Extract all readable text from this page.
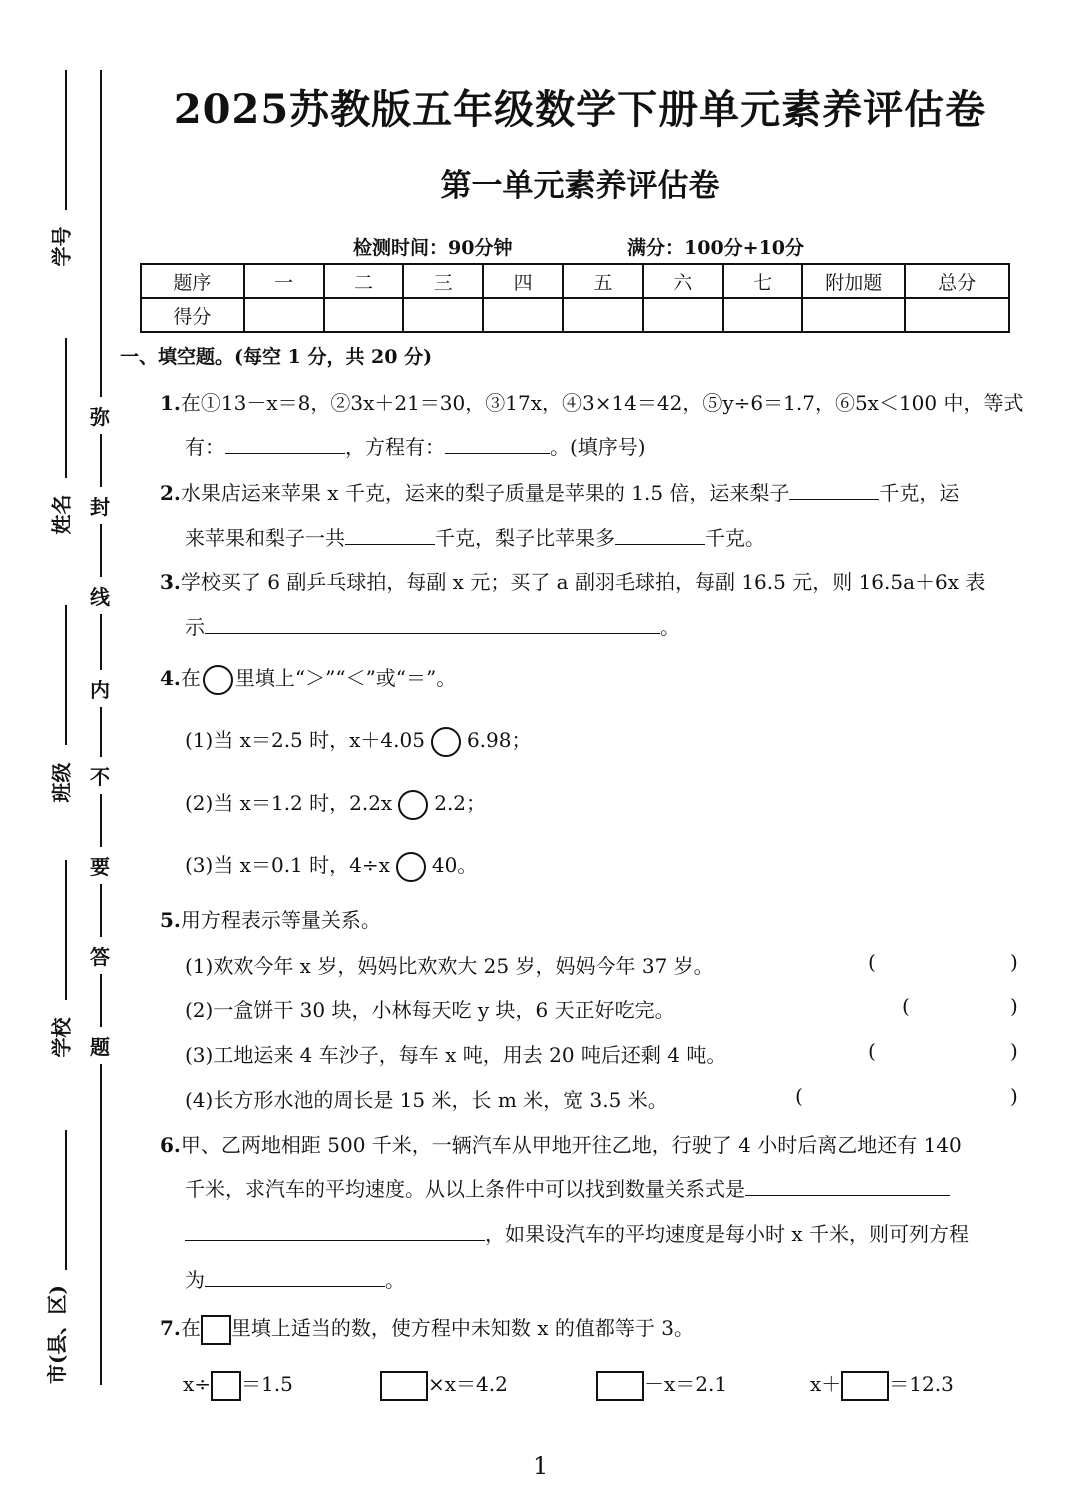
学号
姓名
班级
学校
市(县、区)
弥
封
线
内
不
要
答
题
2025苏教版五年级数学下册单元素养评估卷
第一单元素养评估卷
检测时间：90分钟	满分：100分+10分
题序	一	二	三	四	五	六	七	附加题	总分
得分									
一、填空题。(每空 1 分，共 20 分)
1.在①13－x＝8，②3x＋21＝30，③17x，④3×14＝42，⑤y÷6＝1.7，⑥5x＜100 中，等式
有：	，方程有：	。(填序号)
2.水果店运来苹果 x 千克，运来的梨子质量是苹果的 1.5 倍，运来梨子	千克，运
来苹果和梨子一共	千克，梨子比苹果多	千克。
3.学校买了 6 副乒乓球拍，每副 x 元；买了 a 副羽毛球拍，每副 16.5 元，则 16.5a＋6x 表
示	。
4.在 里填上“＞”“＜”或“＝”。
(1)当 x＝2.5 时，x＋4.05 6.98；
(2)当 x＝1.2 时，2.2x 2.2；
(3)当 x＝0.1 时，4÷x 40。
5.用方程表示等量关系。
(1)欢欢今年 x 岁，妈妈比欢欢大 25 岁，妈妈今年 37 岁。	(	)
(2)一盒饼干 30 块，小林每天吃 y 块，6 天正好吃完。	(	)
(3)工地运来 4 车沙子，每车 x 吨，用去 20 吨后还剩 4 吨。	(	)
(4)长方形水池的周长是 15 米，长 m 米，宽 3.5 米。	(	)
6.甲、乙两地相距 500 千米，一辆汽车从甲地开往乙地，行驶了 4 小时后离乙地还有 140
千米，求汽车的平均速度。从以上条件中可以找到数量关系式是
，如果设汽车的平均速度是每小时 x 千米，则可列方程
为	。
7.在 里填上适当的数，使方程中未知数 x 的值都等于 3。
x÷ ＝1.5	×x＝4.2	－x＝2.1	x＋ ＝12.3
1
